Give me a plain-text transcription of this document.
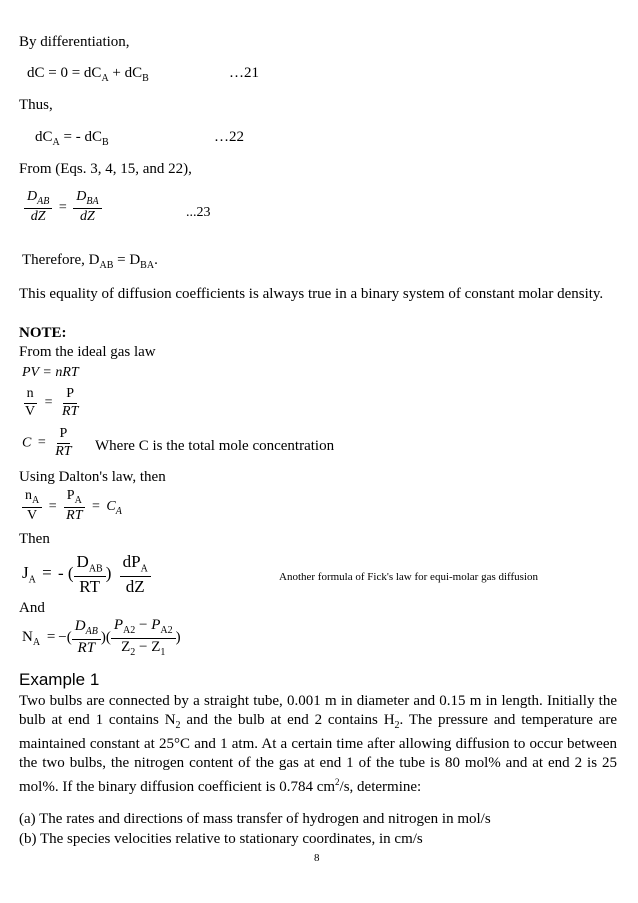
By differentiation,
dC = $0 = dC_A + dC_B$	…21
Thus,
$dC_A$ = - $dC_B$	…22
From (Eqs. 3, 4, 15, and 22),
$\frac{D_{AB}}{dZ} = \frac{D_{BA}}{dZ}$	...23
Therefore, $D_{AB} = D_{BA}$.
This equality of diffusion coefficients is always true in a binary system of constant molar density.
NOTE:
From the ideal gas law
PV = nRT
$\frac{n}{V} = \frac{P}{RT}$
$C = \frac{P}{RT}$ Where C is the total mole concentration
Using Dalton's law, then
$\frac{n_A}{V} = \frac{P_A}{RT} = C_A$
Then
$J_A$ = - ( $\frac{D_{AB}}{RT}$ ) $\frac{dP_A}{dZ}$	Another formula of Fick's law for equi-molar gas diffusion
And
$N_A$ = −( $\frac{D_{AB}}{RT}$ )( $\frac{P_{A2} - P_{A2}}{Z_2 - Z_1}$ )
Example 1
Two bulbs are connected by a straight tube, 0.001 m in diameter and 0.15 m in length. Initially the bulb at end 1 contains $N_2$ and the bulb at end 2 contains $H_2$. The pressure and temperature are maintained constant at 25°C and 1 atm. At a certain time after allowing diffusion to occur between the two bulbs, the nitrogen content of the gas at end 1 of the tube is 80 mol% and at end 2 is 25 mol%. If the binary diffusion coefficient is 0.784 $cm^2/s$, determine:
(a) The rates and directions of mass transfer of hydrogen and nitrogen in mol/s
(b) The species velocities relative to stationary coordinates, in cm/s
8
